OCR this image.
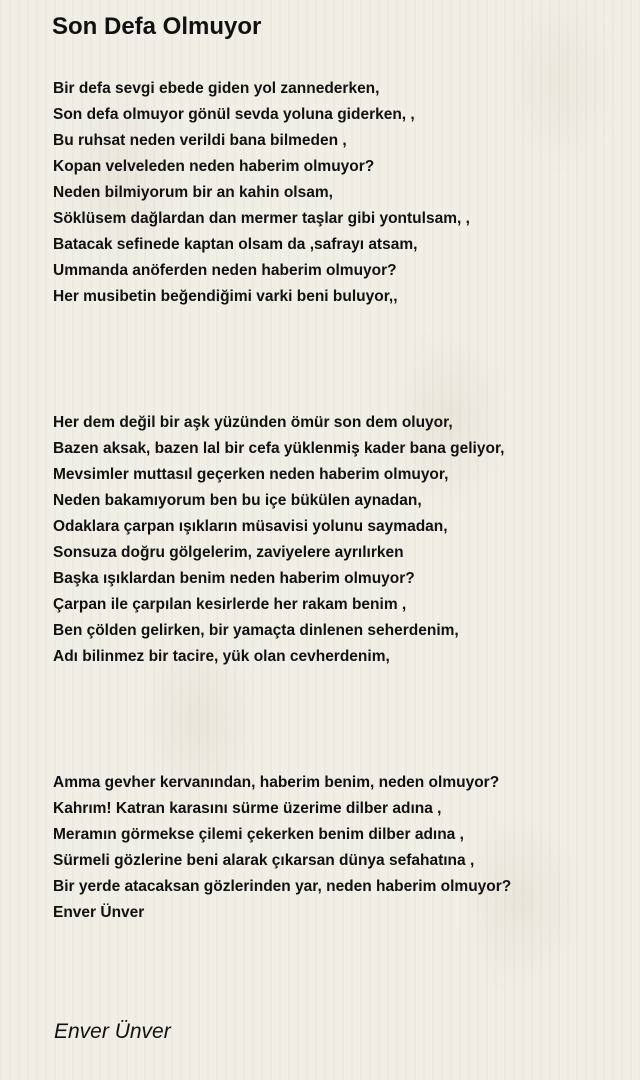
Son Defa Olmuyor
Bir defa sevgi ebede giden yol zannederken,
Son defa olmuyor gönül sevda yoluna giderken, ,
Bu ruhsat neden verildi bana bilmeden ,
Kopan velveleden neden haberim olmuyor?
Neden bilmiyorum bir an kahin olsam,
Söklüsem dağlardan dan mermer taşlar gibi yontulsam, ,
Batacak sefinede kaptan olsam da ,safrayı atsam,
Ummanda anöferden neden haberim olmuyor?
Her musibetin beğendiğimi varki beni buluyor,,
Her dem değil bir aşk yüzünden ömür son dem oluyor,
Bazen aksak, bazen lal bir cefa yüklenmiş kader bana geliyor,
Mevsimler muttasıl geçerken neden haberim olmuyor,
Neden bakamıyorum ben bu içe bükülen aynadan,
Odaklara çarpan ışıkların müsavisi yolunu saymadan,
Sonsuza doğru gölgelerim, zaviyelere ayrılırken
Başka ışıklardan benim neden haberim olmuyor?
Çarpan ile çarpılan kesirlerde her rakam benim ,
Ben çölden gelirken, bir yamaçta dinlenen seherdenim,
Adı bilinmez bir tacire, yük olan cevherdenim,
Amma gevher kervanından, haberim benim, neden olmuyor?
Kahrım! Katran karasını sürme üzerime dilber adına ,
Meramın görmekse çilemi çekerken benim dilber adına ,
Sürmeli gözlerine beni alarak çıkarsan dünya sefahatına ,
Bir yerde atacaksan gözlerinden yar, neden haberim olmuyor?
Enver Ünver
Enver Ünver
